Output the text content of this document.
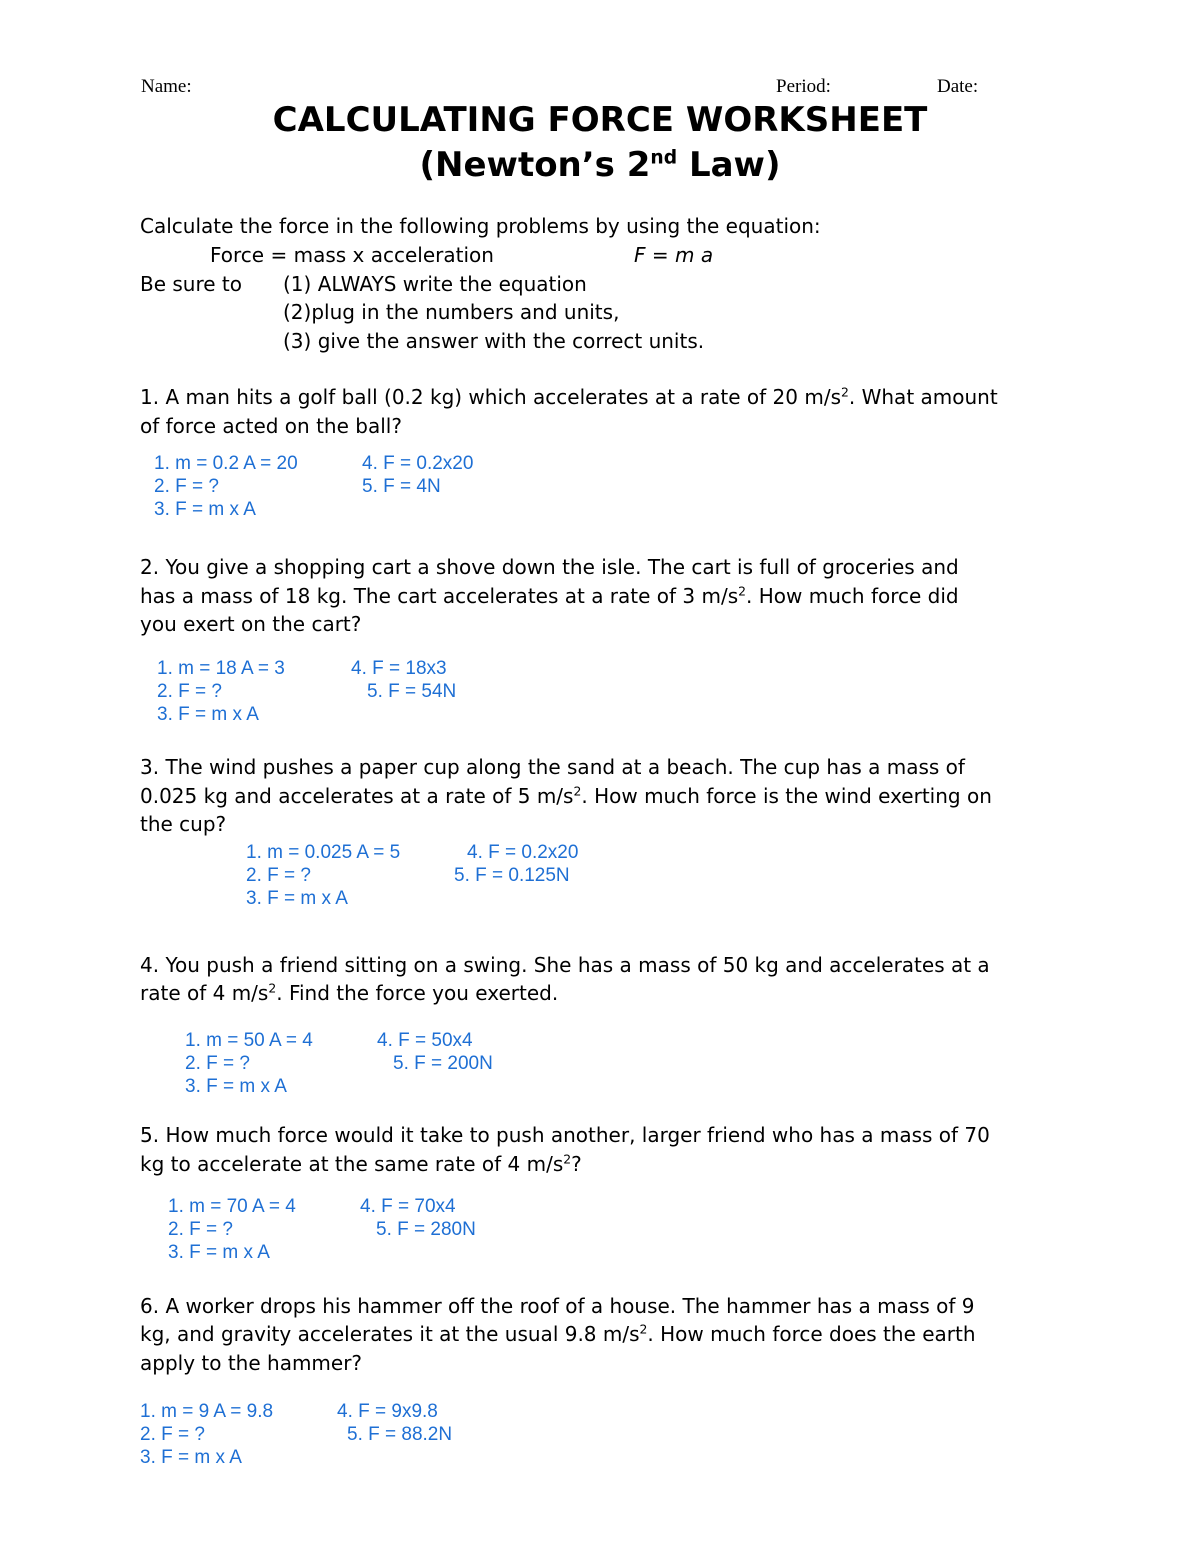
Name:	Period:	Date:
CALCULATING FORCE WORKSHEET
(Newton’s 2nd Law)
Calculate the force in the following problems by using the equation:
Force = mass x acceleration	F = m a
Be sure to (1) ALWAYS write the equation
(2)plug in the numbers and units,
(3) give the answer with the correct units.
1. A man hits a golf ball (0.2 kg) which accelerates at a rate of 20 $m/s^2$. What amount
of force acted on the ball?
1. m = 0.2 A = 20
2. F = ?
3. F = m x A
4. F = 0.2x20
5. F = 4N
2. You give a shopping cart a shove down the isle. The cart is full of groceries and
has a mass of 18 kg. The cart accelerates at a rate of 3 $m/s^2$. How much force did
you exert on the cart?
1. m = 18 A = 3
2. F = ?
3. F = m x A
4. F = 18x3
5. F = 54N
3. The wind pushes a paper cup along the sand at a beach. The cup has a mass of
0.025 kg and accelerates at a rate of 5 $m/s^2$. How much force is the wind exerting on
the cup?
1. m = 0.025 A = 5
2. F = ?
3. F = m x A
4. F = 0.2x20
5. F = 0.125N
4. You push a friend sitting on a swing. She has a mass of 50 kg and accelerates at a
rate of 4 $m/s^2$. Find the force you exerted.
1. m = 50 A = 4
2. F = ?
3. F = m x A
4. F = 50x4
5. F = 200N
5. How much force would it take to push another, larger friend who has a mass of 70
kg to accelerate at the same rate of 4 $m/s^2$?
1. m = 70 A = 4
2. F = ?
3. F = m x A
4. F = 70x4
5. F = 280N
6. A worker drops his hammer off the roof of a house. The hammer has a mass of 9
kg, and gravity accelerates it at the usual 9.8 $m/s^2$. How much force does the earth
apply to the hammer?
1. m = 9 A = 9.8
2. F = ?
3. F = m x A
4. F = 9x9.8
5. F = 88.2N
